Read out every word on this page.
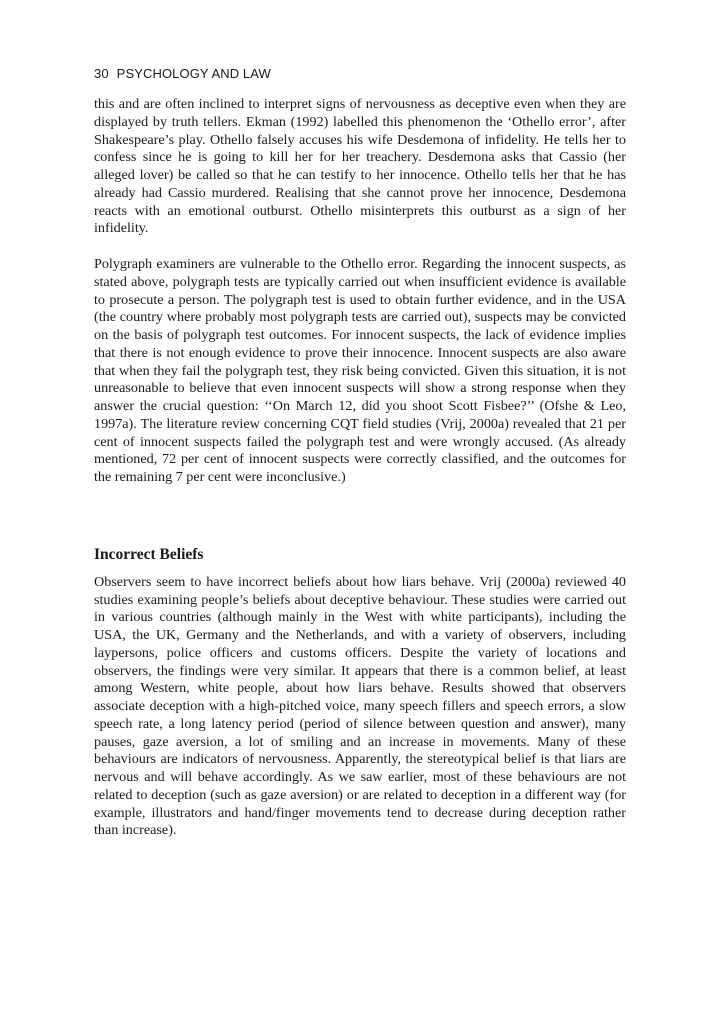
30 PSYCHOLOGY AND LAW

this and are often inclined to interpret signs of nervousness as deceptive even when they are displayed by truth tellers. Ekman (1992) labelled this phenomenon the ‘Othello error’, after Shakespeare’s play. Othello falsely accuses his wife Desdemona of infidelity. He tells her to confess since he is going to kill her for her treachery. Desdemona asks that Cassio (her alleged lover) be called so that he can testify to her innocence. Othello tells her that he has already had Cassio murdered. Realising that she cannot prove her innocence, Desdemona reacts with an emotional outburst. Othello misinterprets this outburst as a sign of her infidelity.

Polygraph examiners are vulnerable to the Othello error. Regarding the innocent suspects, as stated above, polygraph tests are typically carried out when insufficient evidence is available to prosecute a person. The polygraph test is used to obtain further evidence, and in the USA (the country where probably most polygraph tests are carried out), suspects may be convicted on the basis of polygraph test outcomes. For innocent suspects, the lack of evidence implies that there is not enough evidence to prove their innocence. Innocent suspects are also aware that when they fail the polygraph test, they risk being convicted. Given this situation, it is not unreasonable to believe that even innocent suspects will show a strong response when they answer the crucial question: ‘‘On March 12, did you shoot Scott Fisbee?’’ (Ofshe & Leo, 1997a). The literature review concerning CQT field studies (Vrij, 2000a) revealed that 21 per cent of innocent suspects failed the polygraph test and were wrongly accused. (As already mentioned, 72 per cent of innocent suspects were correctly classified, and the outcomes for the remaining 7 per cent were inconclusive.)

Incorrect Beliefs

Observers seem to have incorrect beliefs about how liars behave. Vrij (2000a) reviewed 40 studies examining people’s beliefs about deceptive behaviour. These studies were carried out in various countries (although mainly in the West with white participants), including the USA, the UK, Germany and the Netherlands, and with a variety of observers, including laypersons, police officers and customs officers. Despite the variety of locations and observers, the findings were very similar. It appears that there is a common belief, at least among Western, white people, about how liars behave. Results showed that observers associate deception with a high-pitched voice, many speech fillers and speech errors, a slow speech rate, a long latency period (period of silence between question and answer), many pauses, gaze aversion, a lot of smiling and an increase in movements. Many of these behaviours are indicators of nervousness. Apparently, the stereotypical belief is that liars are nervous and will behave accordingly. As we saw earlier, most of these behaviours are not related to deception (such as gaze aversion) or are related to deception in a different way (for example, illustrators and hand/finger movements tend to decrease during deception rather than increase).
